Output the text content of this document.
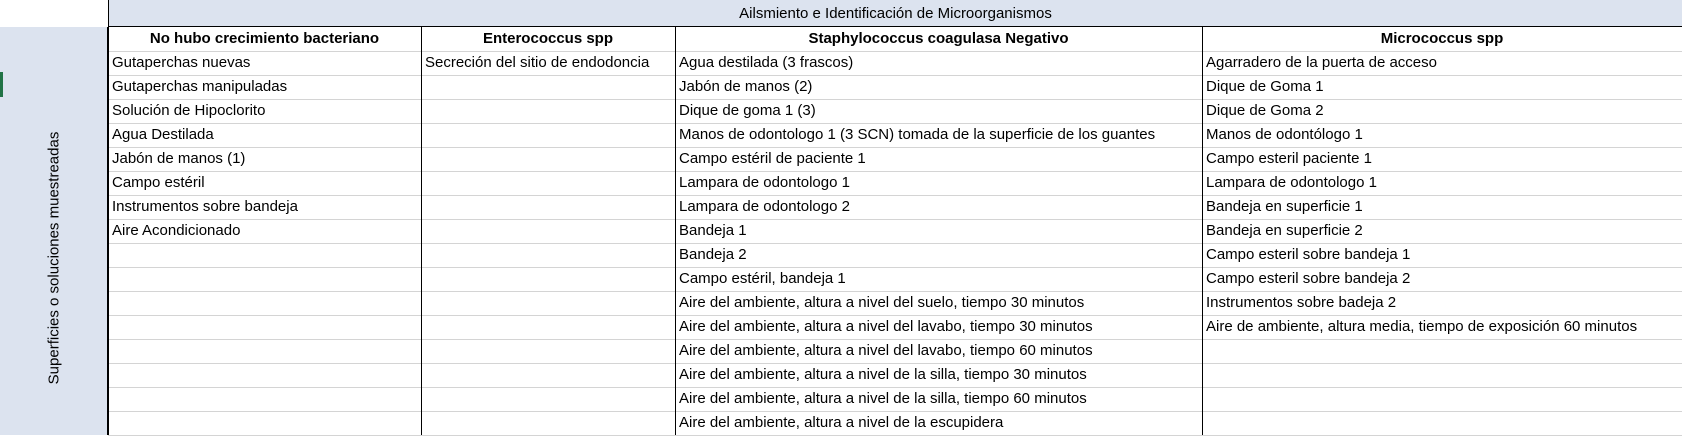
Ailsmiento e Identificación de Microorganismos
Superficies o soluciones muestreadas
No hubo crecimiento bacteriano
Gutaperchas nuevas
Gutaperchas manipuladas
Solución de Hipoclorito
Agua Destilada
Jabón de manos (1)
Campo estéril
Instrumentos sobre bandeja
Aire Acondicionado
Enterococcus spp
Secreción del sitio de endodoncia
Staphylococcus coagulasa Negativo
Agua destilada (3 frascos)
Jabón de manos (2)
Dique de goma 1 (3)
Manos de odontologo 1 (3 SCN) tomada de la superficie de los guantes
Campo estéril de paciente 1
Lampara de odontologo 1
Lampara de odontologo 2
Bandeja 1
Bandeja 2
Campo estéril, bandeja 1
Aire del ambiente, altura a nivel del suelo, tiempo 30 minutos
Aire del ambiente, altura a nivel del lavabo, tiempo 30 minutos
Aire del ambiente, altura a nivel del lavabo, tiempo 60 minutos
Aire del ambiente, altura a nivel de la silla, tiempo 30 minutos
Aire del ambiente, altura a nivel de la silla, tiempo 60 minutos
Aire del ambiente, altura a nivel de la escupidera
Micrococcus spp
Agarradero de la puerta de acceso
Dique de Goma 1
Dique de Goma 2
Manos de odontólogo 1
Campo esteril paciente 1
Lampara de odontologo 1
Bandeja en superficie 1
Bandeja en superficie 2
Campo esteril sobre bandeja 1
Campo esteril sobre bandeja 2
Instrumentos sobre badeja 2
Aire de ambiente, altura media, tiempo de exposición 60 minutos
